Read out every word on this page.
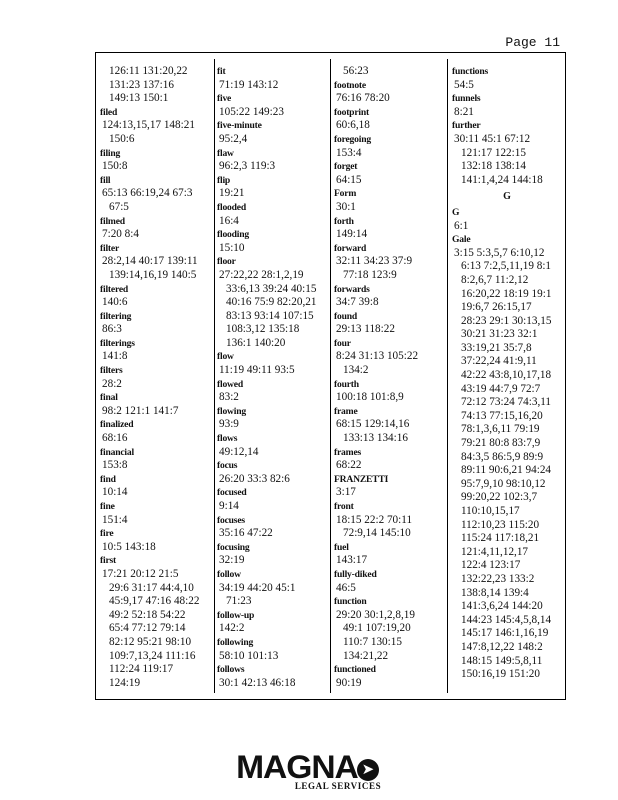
Page 11
126:11 131:20,22
131:23 137:16
149:13 150:1
filed
124:13,15,17 148:21
150:6
filing
150:8
fill
65:13 66:19,24 67:3
67:5
filmed
7:20 8:4
filter
28:2,14 40:17 139:11
139:14,16,19 140:5
filtered
140:6
filtering
86:3
filterings
141:8
filters
28:2
final
98:2 121:1 141:7
finalized
68:16
financial
153:8
find
10:14
fine
151:4
fire
10:5 143:18
first
17:21 20:12 21:5
29:6 31:17 44:4,10
45:9,17 47:16 48:22
49:2 52:18 54:22
65:4 77:12 79:14
82:12 95:21 98:10
109:7,13,24 111:16
112:24 119:17
124:19
fit
71:19 143:12
five
105:22 149:23
five-minute
95:2,4
flaw
96:2,3 119:3
flip
19:21
flooded
16:4
flooding
15:10
floor
27:22,22 28:1,2,19
33:6,13 39:24 40:15
40:16 75:9 82:20,21
83:13 93:14 107:15
108:3,12 135:18
136:1 140:20
flow
11:19 49:11 93:5
flowed
83:2
flowing
93:9
flows
49:12,14
focus
26:20 33:3 82:6
focused
9:14
focuses
35:16 47:22
focusing
32:19
follow
34:19 44:20 45:1
71:23
follow-up
142:2
following
58:10 101:13
follows
30:1 42:13 46:18
56:23
footnote
76:16 78:20
footprint
60:6,18
foregoing
153:4
forget
64:15
Form
30:1
forth
149:14
forward
32:11 34:23 37:9
77:18 123:9
forwards
34:7 39:8
found
29:13 118:22
four
8:24 31:13 105:22
134:2
fourth
100:18 101:8,9
frame
68:15 129:14,16
133:13 134:16
frames
68:22
FRANZETTI
3:17
front
18:15 22:2 70:11
72:9,14 145:10
fuel
143:17
fully-diked
46:5
function
29:20 30:1,2,8,19
49:1 107:19,20
110:7 130:15
134:21,22
functioned
90:19
functions
54:5
funnels
8:21
further
30:11 45:1 67:12
121:17 122:15
132:18 138:14
141:1,4,24 144:18
G
G
6:1
Gale
3:15 5:3,5,7 6:10,12
6:13 7:2,5,11,19 8:1
8:2,6,7 11:2,12
16:20,22 18:19 19:1
19:6,7 26:15,17
28:23 29:1 30:13,15
30:21 31:23 32:1
33:19,21 35:7,8
37:22,24 41:9,11
42:22 43:8,10,17,18
43:19 44:7,9 72:7
72:12 73:24 74:3,11
74:13 77:15,16,20
78:1,3,6,11 79:19
79:21 80:8 83:7,9
84:3,5 86:5,9 89:9
89:11 90:6,21 94:24
95:7,9,10 98:10,12
99:20,22 102:3,7
110:10,15,17
112:10,23 115:20
115:24 117:18,21
121:4,11,12,17
122:4 123:17
132:22,23 133:2
138:8,14 139:4
141:3,6,24 144:20
144:23 145:4,5,8,14
145:17 146:1,16,19
147:8,12,22 148:2
148:15 149:5,8,11
150:16,19 151:20
MAGNA ➤
LEGAL SERVICES
